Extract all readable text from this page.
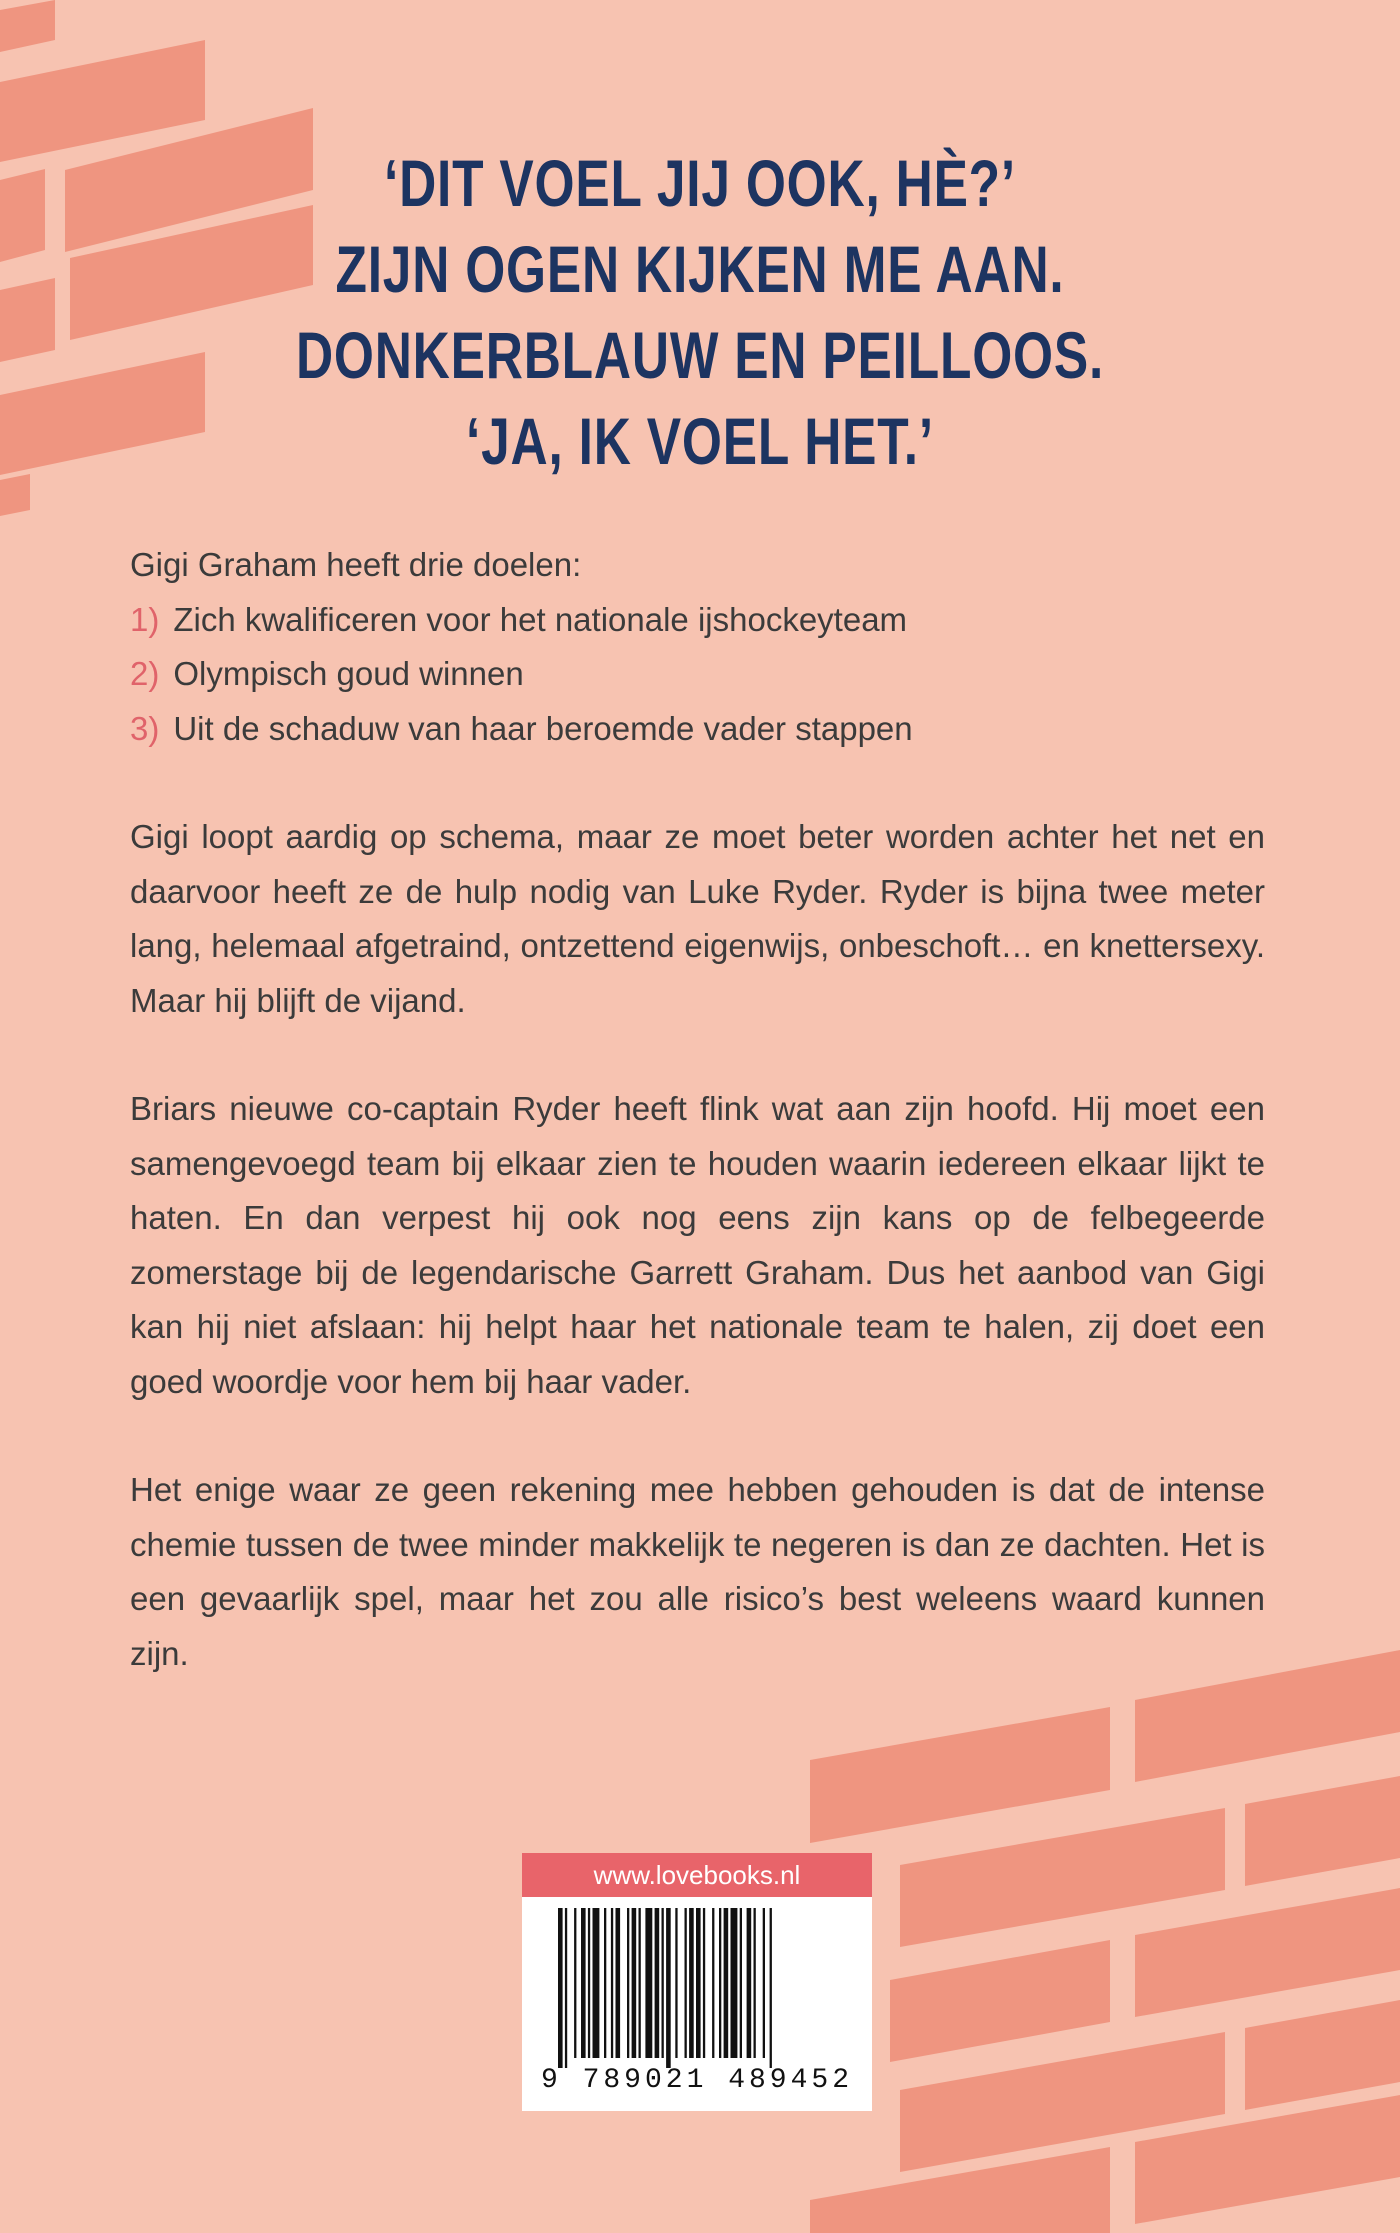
‘DIT VOEL JIJ OOK, HÈ?’
ZIJN OGEN KIJKEN ME AAN.
DONKERBLAUW EN PEILLOOS.
‘JA, IK VOEL HET.’
Gigi Graham heeft drie doelen:
1) Zich kwalificeren voor het nationale ijshockeyteam
2) Olympisch goud winnen
3) Uit de schaduw van haar beroemde vader stappen

Gigi loopt aardig op schema, maar ze moet beter worden achter het net en daarvoor heeft ze de hulp nodig van Luke Ryder. Ryder is bijna twee meter lang, helemaal afgetraind, ontzettend eigenwijs, onbeschoft… en knettersexy. Maar hij blijft de vijand.

Briars nieuwe co-captain Ryder heeft flink wat aan zijn hoofd. Hij moet een samengevoegd team bij elkaar zien te houden waarin iedereen elkaar lijkt te haten. En dan verpest hij ook nog eens zijn kans op de felbegeerde zomerstage bij de legendarische Garrett Graham. Dus het aanbod van Gigi kan hij niet afslaan: hij helpt haar het nationale team te halen, zij doet een goed woordje voor hem bij haar vader.

Het enige waar ze geen rekening mee hebben gehouden is dat de intense chemie tussen de twee minder makkelijk te negeren is dan ze dachten. Het is een gevaarlijk spel, maar het zou alle risico’s best weleens waard kunnen zijn.

www.lovebooks.nl
9 789021 489452
